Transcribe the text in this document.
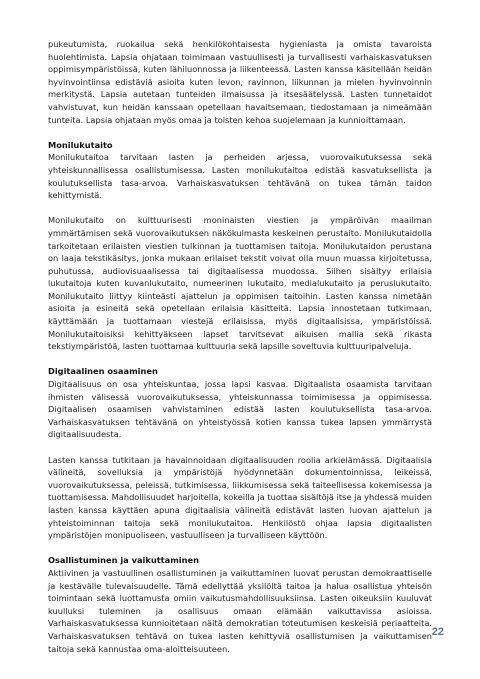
pukeutumista, ruokailua sekä henkilökohtaisesta hygieniasta ja omista tavaroista huolehtimista. Lapsia ohjataan toimimaan vastuullisesti ja turvallisesti varhaiskasvatuksen oppimisympäristöissä, kuten lähiluonnossa ja liikenteessä. Lasten kanssa käsitellään heidän hyvinvointiinsa edistäviä asioita kuten levon, ravinnon, liikunnan ja mielen hyvinvoinnin merkitystä. Lapsia autetaan tunteiden ilmaisussa ja itsesäätelyssä. Lasten tunnetaidot vahvistuvat, kun heidän kanssaan opetellaan havaitsemaan, tiedostamaan ja nimeämään tunteita. Lapsia ohjataan myös omaa ja toisten kehoa suojelemaan ja kunnioittamaan.

Monilukutaito

Monilukutaitoa tarvitaan lasten ja perheiden arjessa, vuorovaikutuksessa sekä yhteiskunnallisessa osallistumisessa. Lasten monilukutaitoa edistää kasvatuksellista ja koulutuksellista tasa-arvoa. Varhaiskasvatuksen tehtävänä on tukea tämän taidon kehittymistä.

Monilukutaito on kulttuurisesti moninaisten viestien ja ympäröivän maailman ymmärtämisen sekä vuorovaikutuksen näkökulmasta keskeinen perustaito. Monilukutaidolla tarkoitetaan erilaisten viestien tulkinnan ja tuottamisen taitoja. Monilukutaidon perustana on laaja tekstikäsitys, jonka mukaan erilaiset tekstit voivat olla muun muassa kirjoitetussa, puhutussa, audiovisuaalisessa tai digitaalisessa muodossa. Siihen sisältyy erilaisia lukutaitoja kuten kuvanlukutaito, numeerinen lukutaito, medialukutaito ja peruslukutaito. Monilukutaito liittyy kiinteästi ajattelun ja oppimisen taitoihin. Lasten kanssa nimetään asioita ja esineitä sekä opetellaan erilaisia käsitteitä. Lapsia innostetaan tutkimaan, käyttämään ja tuottamaan viestejä erilaisissa, myös digitaalisissa, ympäristöissä. Monilukutaitoisiksi kehittyäkseen lapset tarvitsevat aikuisen mallia sekä rikasta tekstiympäristöä, lasten tuottamaa kulttuuria sekä lapsille soveltuvia kulttuuripalveluja.

Digitaalinen osaaminen

Digitaalisuus on osa yhteiskuntaa, jossa lapsi kasvaa. Digitaalista osaamista tarvitaan ihmisten välisessä vuorovaikutuksessa, yhteiskunnassa toimimisessa ja oppimisessa. Digitaalisen osaamisen vahvistaminen edistää lasten koulutuksellista tasa-arvoa. Varhaiskasvatuksen tehtävänä on yhteistyössä kotien kanssa tukea lapsen ymmärrystä digitaalisuudesta.

Lasten kanssa tutkitaan ja havainnoidaan digitaalisuuden roolia arkielämässä. Digitaalisia välineitä, sovelluksia ja ympäristöjä hyödynnetään dokumentoinnissa, leikeissä, vuorovaikutuksessa, peleissä, tutkimisessa, liikkumisessa sekä taiteellisessa kokemisessa ja tuottamisessa. Mahdollisuudet harjoitella, kokeilla ja tuottaa sisältöjä itse ja yhdessä muiden lasten kanssa käyttäen apuna digitaalisia välineitä edistävät lasten luovan ajattelun ja yhteistoiminnan taitoja sekä monilukutaitoa. Henkilöstö ohjaa lapsia digitaalisten ympäristöjen monipuoliseen, vastuulliseen ja turvalliseen käyttöön.

Osallistuminen ja vaikuttaminen

Aktiivinen ja vastuullinen osallistuminen ja vaikuttaminen luovat perustan demokraattiselle ja kestävälle tulevaisuudelle. Tämä edellyttää yksilöltä taitoa ja halua osallistua yhteisön toimintaan sekä luottamusta omiin vaikutusmahdollisuuksiinsa. Lasten oikeuksiin kuuluvat kuulluksi tuleminen ja osallisuus omaan elämään vaikuttavissa asioissa. Varhaiskasvatuksessa kunnioitetaan näitä demokratian toteutumisen keskeisiä periaatteita. Varhaiskasvatuksen tehtävä on tukea lasten kehittyviä osallistumisen ja vaikuttamisen taitoja sekä kannustaa oma-aloitteisuuteen.

22
